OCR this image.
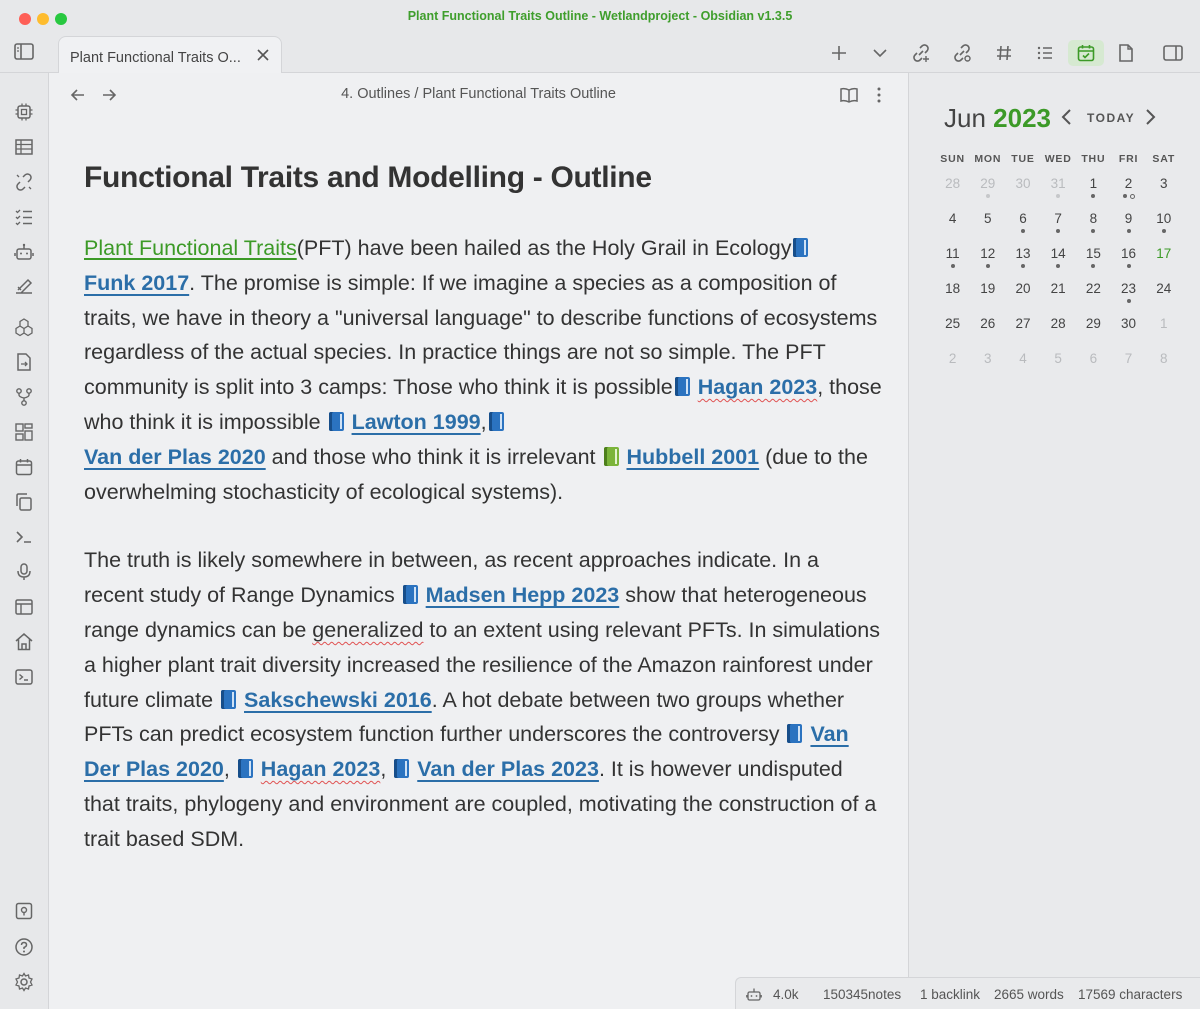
Plant Functional Traits Outline - Wetlandproject - Obsidian v1.3.5
Plant Functional Traits O...
4. Outlines / Plant Functional Traits Outline
Functional Traits and Modelling - Outline
Plant Functional Traits(PFT) have been hailed as the Holy Grail in Ecology
Funk 2017. The promise is simple: If we imagine a species as a composition of traits, we have in theory a "universal language" to describe functions of ecosystems regardless of the actual species. In practice things are not so simple. The PFT community is split into 3 camps: Those who think it is possible Hagan 2023, those who think it is impossible  Lawton 1999,
Van der Plas 2020 and those who think it is irrelevant  Hubbell 2001 (due to the overwhelming stochasticity of ecological systems).
The truth is likely somewhere in between, as recent approaches indicate. In a recent study of Range Dynamics  Madsen Hepp 2023 show that heterogeneous range dynamics can be generalized to an extent using relevant PFTs. In simulations a higher plant trait diversity increased the resilience of the Amazon rainforest under future climate  Sakschewski 2016. A hot debate between two groups whether PFTs can predict ecosystem function further underscores the controversy  Van Der Plas 2020,  Hagan 2023,  Van der Plas 2023. It is however undisputed that traits, phylogeny and environment are coupled, motivating the construction of a trait based SDM.
Jun 2023	TODAY
SUN MON TUE WED THU	FRI	SAT
28	29	30	31	1	2	3
4	5	6	7	8	9	10
11	12	13	14	15	16	17
18	19	20	21	22	23	24
25	26	27	28	29	30	1
2	3	4	5	6	7	8
4.0k 150345notes 1 backlink 2665 words 17569 characters
